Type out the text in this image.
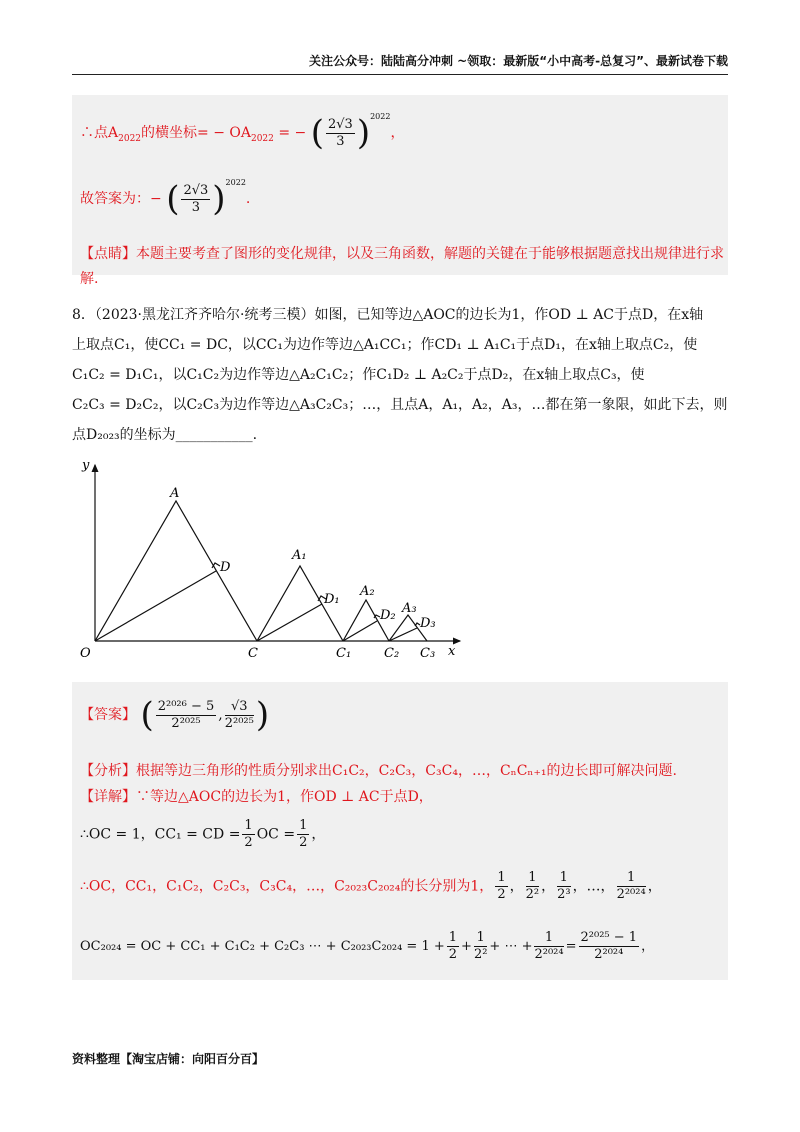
关注公众号：陆陆高分冲刺 ~领取：最新版“小中高考-总复习”、最新试卷下载
∴点$A_{2022}$的横坐标= − $OA_{2022}$ = − ( $\frac{2√3}{3} )^{2022}$，
故答案为：− ( $\frac{2√3}{3} )^{2022}$.
【点睛】本题主要考查了图形的变化规律，以及三角函数，解题的关键在于能够根据题意找出规律进行求
解.
8．（2023·黑龙江齐齐哈尔·统考三模）如图，已知等边△AOC的边长为1，作OD ⊥ AC于点D，在x轴
上取点C₁，使CC₁ = DC，以CC₁为边作等边△A₁CC₁；作CD₁ ⊥ A₁C₁于点D₁，在x轴上取点C₂，使
C₁C₂ = D₁C₁，以C₁C₂为边作等边△A₂C₁C₂；作C₁D₂ ⊥ A₂C₂于点D₂，在x轴上取点C₃，使
C₂C₃ = D₂C₂，以C₂C₃为边作等边△A₃C₂C₃；…，且点A，A₁，A₂，A₃，…都在第一象限，如此下去，则
点D₂₀₂₃的坐标为___________.
y
x
O
A
D
C
A₁
D₁
C₁
A₂
D₂
C₂
A₃
D₃
C₃
【答案】 ( $\frac{\text{2²⁰²⁶ − 5}}{\text{2²⁰²⁵}}$ , $\frac{√3}{\text{2²⁰²⁵}}$ )
【分析】根据等边三角形的性质分别求出C₁C₂，C₂C₃，C₃C₄，…，CₙCₙ₊₁的边长即可解决问题.
【详解】∵等边△AOC的边长为1，作OD ⊥ AC于点D，
∴OC = 1，CC₁ = CD = $\frac{1}{2}$ OC = $\frac{1}{2}$ ，
∴OC，CC₁，C₁C₂，C₂C₃，C₃C₄，…，C₂₀₂₃C₂₀₂₄的长分别为1， $\frac{1}{2}$ ， $\frac{1}{\text{2²}}$ ， $\frac{1}{\text{2³}}$ ，…， $\frac{1}{\text{2²⁰²⁴}}$ ，
OC₂₀₂₄ = OC + CC₁ + C₁C₂ + C₂C₃ ⋯ + $C_{2023}C_{2024} = 1 + \frac{1}{2} + \frac{1}{\text{2²}}$ + ⋯ + $\frac{1}{\text{2²⁰²⁴}} = \frac{\text{2²⁰²⁵ − 1}}{\text{2²⁰²⁴}}$ ，
资料整理【淘宝店铺：向阳百分百】
